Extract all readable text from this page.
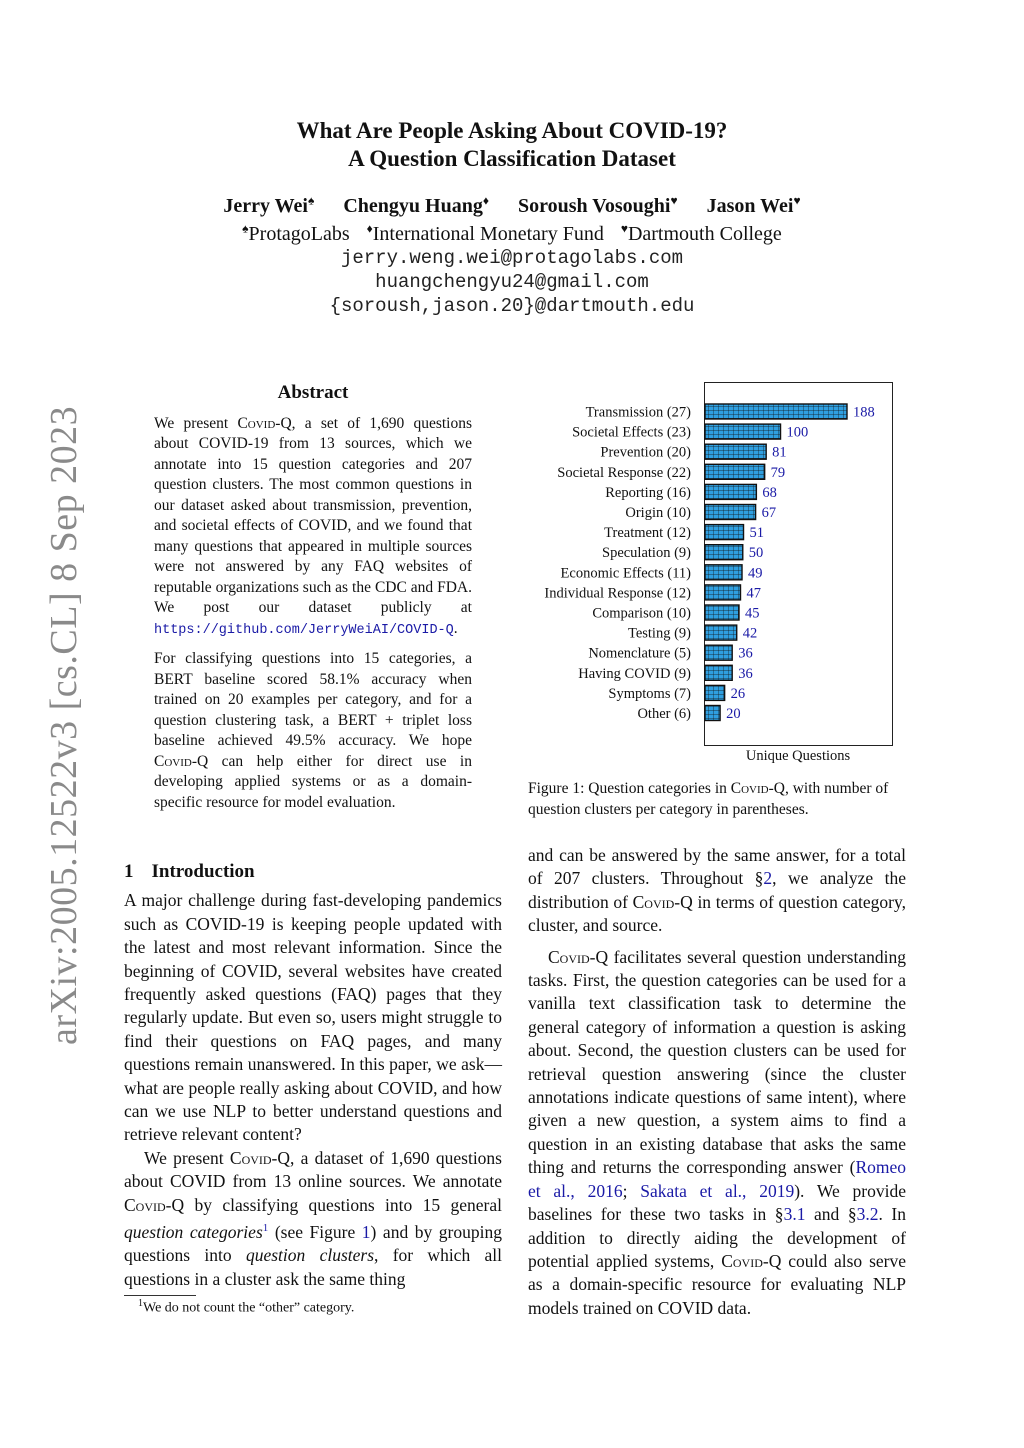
arXiv:2005.12522v3 [cs.CL] 8 Sep 2023
What Are People Asking About COVID-19?
A Question Classification Dataset
Jerry Wei♠ Chengyu Huang♦ Soroush Vosoughi♥ Jason Wei♥
♠ProtagoLabs ♦International Monetary Fund ♥Dartmouth College
jerry.weng.wei@protagolabs.com
huangchengyu24@gmail.com
{soroush,jason.20}@dartmouth.edu
Abstract

We present Covid-Q, a set of 1,690 questions about COVID-19 from 13 sources, which we annotate into 15 question categories and 207 question clusters. The most common questions in our dataset asked about transmission, prevention, and societal effects of COVID, and we found that many questions that appeared in multiple sources were not answered by any FAQ websites of reputable organizations such as the CDC and FDA. We post our dataset publicly at https://github.com/JerryWeiAI/COVID-Q.

For classifying questions into 15 categories, a BERT baseline scored 58.1% accuracy when trained on 20 examples per category, and for a question clustering task, a BERT + triplet loss baseline achieved 49.5% accuracy. We hope Covid-Q can help either for direct use in developing applied systems or as a domain-specific resource for model evaluation.

1 Introduction

A major challenge during fast-developing pandemics such as COVID-19 is keeping people updated with the latest and most relevant information. Since the beginning of COVID, several websites have created frequently asked questions (FAQ) pages that they regularly update. But even so, users might struggle to find their questions on FAQ pages, and many questions remain unanswered. In this paper, we ask—what are people really asking about COVID, and how can we use NLP to better understand questions and retrieve relevant content?

We present Covid-Q, a dataset of 1,690 questions about COVID from 13 online sources. We annotate Covid-Q by classifying questions into 15 general question categories$^1$ (see Figure 1) and by grouping questions into question clusters, for which all questions in a cluster ask the same thing

$^1$We do not count the “other” category.
Transmission (27)	188
Societal Effects (23)	100
Prevention (20)	81
Societal Response (22)	79
Reporting (16)	68
Origin (10)	67
Treatment (12)	51
Speculation (9)	50
Economic Effects (11)	49
Individual Response (12)	47
Comparison (10)	45
Testing (9)	42
Nomenclature (5)	36
Having COVID (9)	36
Symptoms (7)	26
Other (6) 20
Unique Questions
Figure 1: Question categories in Covid-Q, with number of question clusters per category in parentheses.

and can be answered by the same answer, for a total of 207 clusters. Throughout §2, we analyze the distribution of Covid-Q in terms of question category, cluster, and source.

Covid-Q facilitates several question understanding tasks. First, the question categories can be used for a vanilla text classification task to determine the general category of information a question is asking about. Second, the question clusters can be used for retrieval question answering (since the cluster annotations indicate questions of same intent), where given a new question, a system aims to find a question in an existing database that asks the same thing and returns the corresponding answer (Romeo et al., 2016; Sakata et al., 2019). We provide baselines for these two tasks in §3.1 and §3.2. In addition to directly aiding the development of potential applied systems, Covid-Q could also serve as a domain-specific resource for evaluating NLP models trained on COVID data.
